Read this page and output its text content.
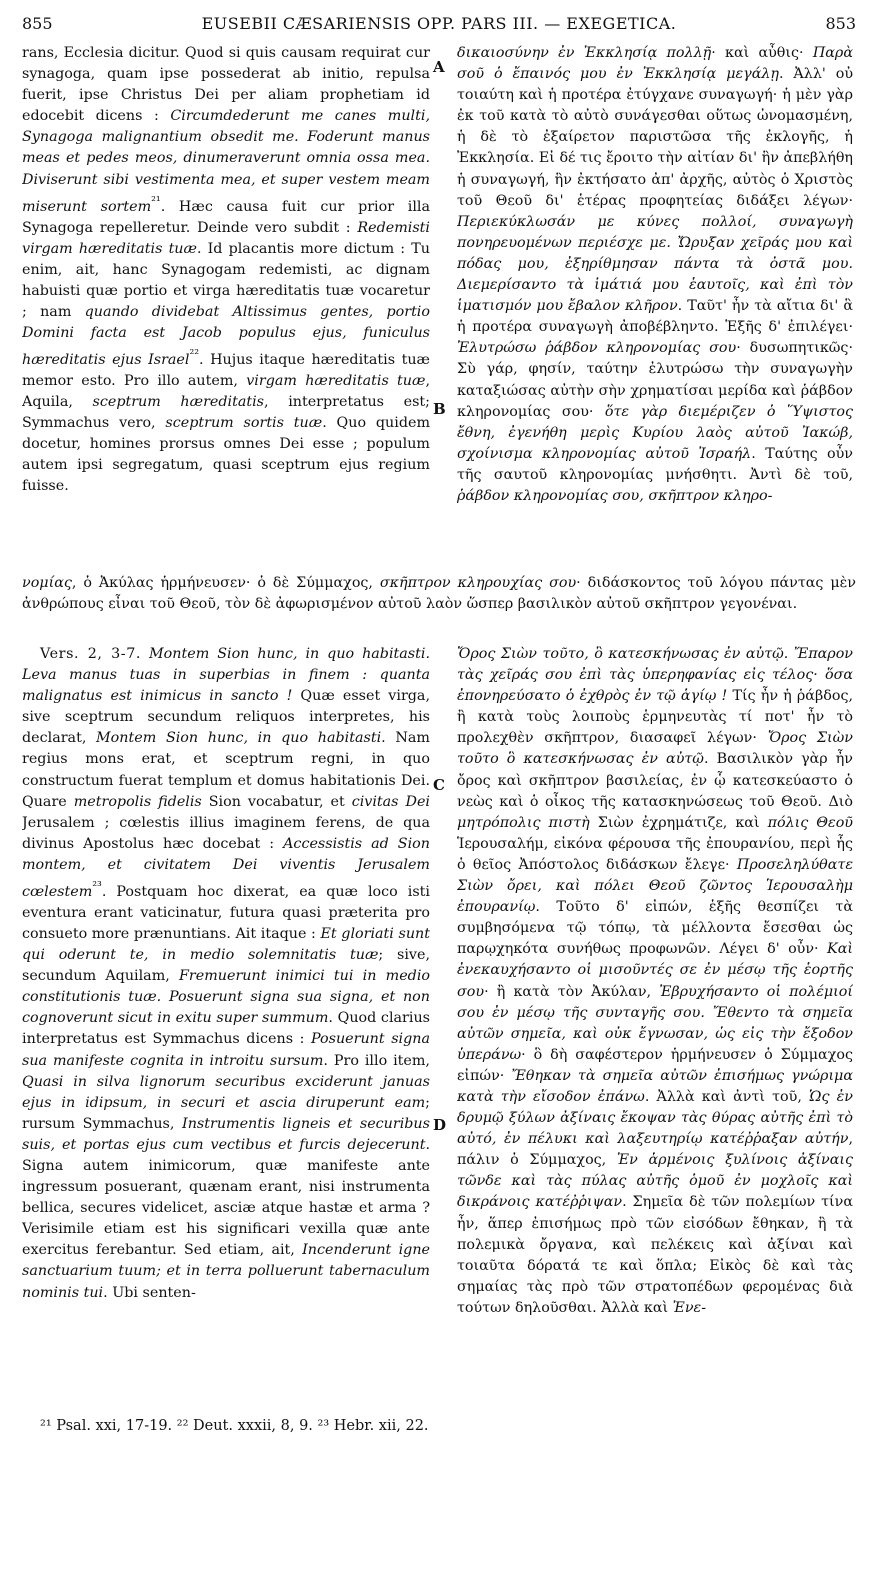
855	EUSEBII CÆSARIENSIS OPP. PARS III. — EXEGETICA.	853
A
B
C
D

rans, Ecclesia dicitur. Quod si quis causam requirat cur synagoga, quam ipse possederat ab initio, repulsa fuerit, ipse Christus Dei per aliam prophetiam id edocebit dicens : Circumdederunt me canes multi, Synagoga malignantium obsedit me. Foderunt manus meas et pedes meos, dinumeraverunt omnia ossa mea. Diviserunt sibi vestimenta mea, et super vestem meam miserunt sortem$^{^{21}}$. Hæc causa fuit cur prior illa Synagoga repelleretur. Deinde vero subdit : Redemisti virgam hæreditatis tuæ. Id placantis more dictum : Tu enim, ait, hanc Synagogam redemisti, ac dignam habuisti quæ portio et virga hæreditatis tuæ vocaretur ; nam quando dividebat Altissimus gentes, portio Domini facta est Jacob populus ejus, funiculus hæreditatis ejus Israel$^{^{22}}$. Hujus itaque hæreditatis tuæ memor esto. Pro illo autem, virgam hæreditatis tuæ, Aquila, sceptrum hæreditatis, interpretatus est; Symmachus vero, sceptrum sortis tuæ. Quo quidem docetur, homines prorsus omnes Dei esse ; populum autem ipsi segregatum, quasi sceptrum ejus regium fuisse.

δικαιοσύνην ἐν Ἐκκλησίᾳ πολλῇ· καὶ αὖθις· Παρὰ σοῦ ὁ ἔπαινός μου ἐν Ἐκκλησίᾳ μεγάλῃ. Ἀλλ' οὐ τοιαύτη καὶ ἡ προτέρα ἐτύγχανε συναγωγή· ἡ μὲν γὰρ ἐκ τοῦ κατὰ τὸ αὐτὸ συνάγεσθαι οὕτως ὠνομασμένη, ἡ δὲ τὸ ἐξαίρετον παριστῶσα τῆς ἐκλογῆς, ἡ Ἐκκλησία. Εἰ δέ τις ἔροιτο τὴν αἰτίαν δι' ἣν ἀπεβλήθη ἡ συναγωγή, ἣν ἐκτήσατο ἀπ' ἀρχῆς, αὐτὸς ὁ Χριστὸς τοῦ Θεοῦ δι' ἑτέρας προφητείας διδάξει λέγων· Περιεκύκλωσάν με κύνες πολλοί, συναγωγὴ πονηρευομένων περιέσχε με. Ὤρυξαν χεῖράς μου καὶ πόδας μου, ἐξηρίθμησαν πάντα τὰ ὀστᾶ μου. Διεμερίσαντο τὰ ἱμάτιά μου ἑαυτοῖς, καὶ ἐπὶ τὸν ἱματισμόν μου ἔβαλον κλῆρον. Ταῦτ' ἦν τὰ αἴτια δι' ἃ ἡ προτέρα συναγωγὴ ἀποβέβληντο. Ἑξῆς δ' ἐπιλέγει· Ἐλυτρώσω ῥάβδον κληρονομίας σου· δυσωπητικῶς· Σὺ γάρ, φησίν, ταύτην ἐλυτρώσω τὴν συναγωγὴν καταξιώσας αὐτὴν σὴν χρηματίσαι μερίδα καὶ ῥάβδον κληρονομίας σου· ὅτε γὰρ διεμέριζεν ὁ Ὕψιστος ἔθνη, ἐγενήθη μερὶς Κυρίου λαὸς αὐτοῦ Ἰακώβ, σχοίνισμα κληρονομίας αὐτοῦ Ἰσραήλ. Ταύτης οὖν τῆς σαυτοῦ κληρονομίας μνήσθητι. Ἀντὶ δὲ τοῦ, ῥάβδον κληρονομίας σου, σκῆπτρον κληρο-

νομίας, ὁ Ἀκύλας ἡρμήνευσεν· ὁ δὲ Σύμμαχος, σκῆπτρον κληρουχίας σου· διδάσκοντος τοῦ λόγου πάντας μὲν ἀνθρώπους εἶναι τοῦ Θεοῦ, τὸν δὲ ἀφωρισμένον αὐτοῦ λαὸν ὥσπερ βασιλικὸν αὐτοῦ σκῆπτρον γεγονέναι.

Vers. 2, 3-7. Montem Sion hunc, in quo habitasti. Leva manus tuas in superbias in finem : quanta malignatus est inimicus in sancto ! Quæ esset virga, sive sceptrum secundum reliquos interpretes, his declarat, Montem Sion hunc, in quo habitasti. Nam regius mons erat, et sceptrum regni, in quo constructum fuerat templum et domus habitationis Dei. Quare metropolis fidelis Sion vocabatur, et civitas Dei Jerusalem ; cœlestis illius imaginem ferens, de qua divinus Apostolus hæc docebat : Accessistis ad Sion montem, et civitatem Dei viventis Jerusalem cœlestem$^{^{23}}$. Postquam hoc dixerat, ea quæ loco isti eventura erant vaticinatur, futura quasi præterita pro consueto more prænuntians. Ait itaque : Et gloriati sunt qui oderunt te, in medio solemnitatis tuæ; sive, secundum Aquilam, Fremuerunt inimici tui in medio constitutionis tuæ. Posuerunt signa sua signa, et non cognoverunt sicut in exitu super summum. Quod clarius interpretatus est Symmachus dicens : Posuerunt signa sua manifeste cognita in introitu sursum. Pro illo item, Quasi in silva lignorum securibus exciderunt januas ejus in idipsum, in securi et ascia diruperunt eam; rursum Symmachus, Instrumentis ligneis et securibus suis, et portas ejus cum vectibus et furcis dejecerunt. Signa autem inimicorum, quæ manifeste ante ingressum posuerant, quænam erant, nisi instrumenta bellica, secures videlicet, asciæ atque hastæ et arma ? Verisimile etiam est his significari vexilla quæ ante exercitus ferebantur. Sed etiam, ait, Incenderunt igne sanctuarium tuum; et in terra polluerunt tabernaculum nominis tui. Ubi senten-

Ὄρος Σιὼν τοῦτο, ὃ κατεσκήνωσας ἐν αὐτῷ. Ἔπαρον τὰς χεῖράς σου ἐπὶ τὰς ὑπερηφανίας εἰς τέλος· ὅσα ἐπονηρεύσατο ὁ ἐχθρὸς ἐν τῷ ἁγίῳ ! Τίς ἦν ἡ ῥάβδος, ἢ κατὰ τοὺς λοιποὺς ἑρμηνευτὰς τί ποτ' ἦν τὸ προλεχθὲν σκῆπτρον, διασαφεῖ λέγων· Ὄρος Σιὼν τοῦτο ὃ κατεσκήνωσας ἐν αὐτῷ. Βασιλικὸν γὰρ ἦν ὄρος καὶ σκῆπτρον βασιλείας, ἐν ᾧ κατεσκεύαστο ὁ νεὼς καὶ ὁ οἶκος τῆς κατασκηνώσεως τοῦ Θεοῦ. Διὸ μητρόπολις πιστὴ Σιὼν ἐχρημάτιζε, καὶ πόλις Θεοῦ Ἱερουσαλήμ, εἰκόνα φέρουσα τῆς ἐπουρανίου, περὶ ἧς ὁ θεῖος Ἀπόστολος διδάσκων ἔλεγε· Προσεληλύθατε Σιὼν ὄρει, καὶ πόλει Θεοῦ ζῶντος Ἱερουσαλὴμ ἐπουρανίῳ. Τοῦτο δ' εἰπών, ἑξῆς θεσπίζει τὰ συμβησόμενα τῷ τόπῳ, τὰ μέλλοντα ἔσεσθαι ὡς παρῳχηκότα συνήθως προφωνῶν. Λέγει δ' οὖν· Καὶ ἐνεκαυχήσαντο οἱ μισοῦντές σε ἐν μέσῳ τῆς ἑορτῆς σου· ἢ κατὰ τὸν Ἀκύλαν, Ἐβρυχήσαντο οἱ πολέμιοί σου ἐν μέσῳ τῆς συνταγῆς σου. Ἔθεντο τὰ σημεῖα αὐτῶν σημεῖα, καὶ οὐκ ἔγνωσαν, ὡς εἰς τὴν ἔξοδον ὑπεράνω· ὃ δὴ σαφέστερον ἡρμήνευσεν ὁ Σύμμαχος εἰπών· Ἔθηκαν τὰ σημεῖα αὐτῶν ἐπισήμως γνώριμα κατὰ τὴν εἴσοδον ἐπάνω. Ἀλλὰ καὶ ἀντὶ τοῦ, Ὡς ἐν δρυμῷ ξύλων ἀξίναις ἔκοψαν τὰς θύρας αὐτῆς ἐπὶ τὸ αὐτό, ἐν πέλυκι καὶ λαξευτηρίῳ κατέῤῥαξαν αὐτήν, πάλιν ὁ Σύμμαχος, Ἐν ἁρμένοις ξυλίνοις ἀξίναις τῶνδε καὶ τὰς πύλας αὐτῆς ὁμοῦ ἐν μοχλοῖς καὶ δικράνοις κατέῤῥιψαν. Σημεῖα δὲ τῶν πολεμίων τίνα ἦν, ἅπερ ἐπισήμως πρὸ τῶν εἰσόδων ἔθηκαν, ἢ τὰ πολεμικὰ ὄργανα, καὶ πελέκεις καὶ ἀξίναι καὶ τοιαῦτα δόρατά τε καὶ ὅπλα; Εἰκὸς δὲ καὶ τὰς σημαίας τὰς πρὸ τῶν στρατοπέδων φερομένας διὰ τούτων δηλοῦσθαι. Ἀλλὰ καὶ Ἐνε-

²¹ Psal. xxi, 17-19. ²² Deut. xxxii, 8, 9. ²³ Hebr. xii, 22.
